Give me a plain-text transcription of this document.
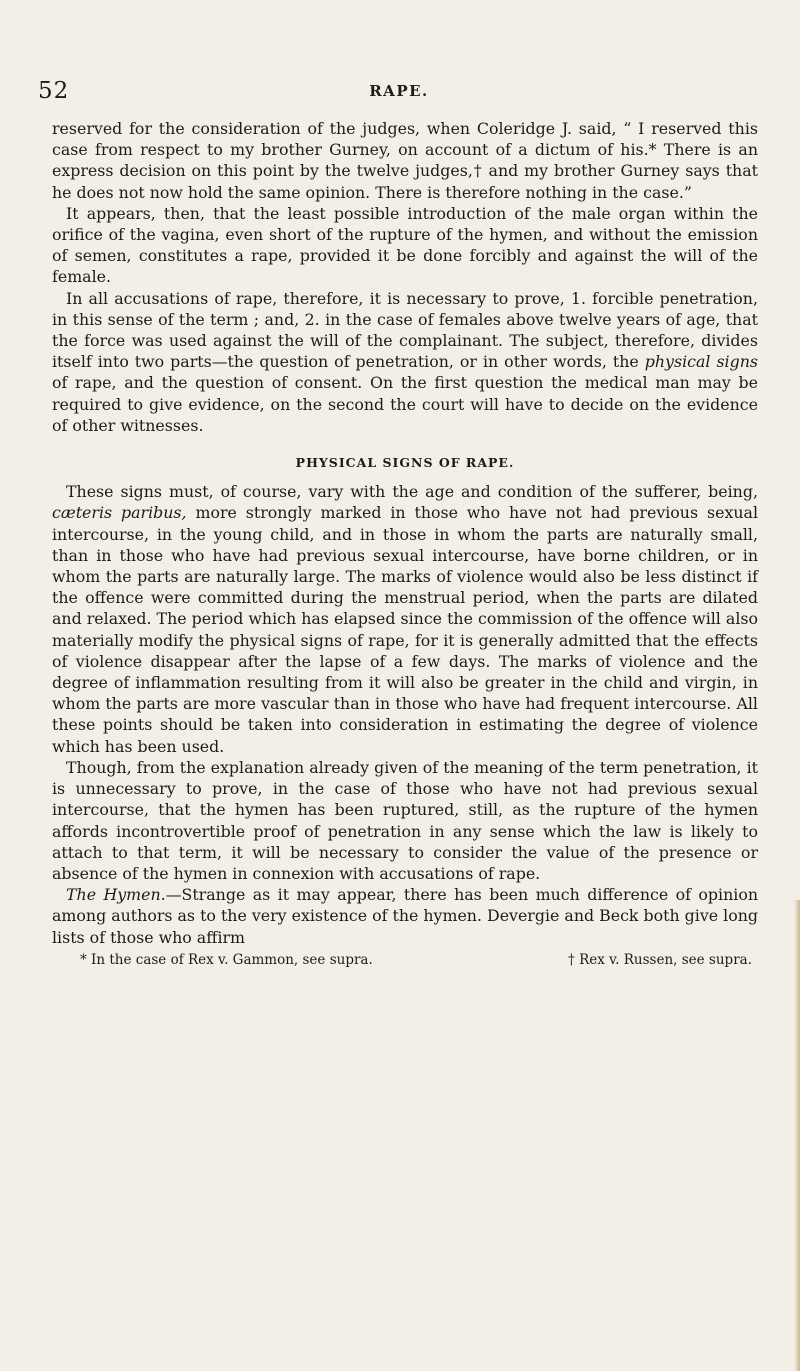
52	RAPE.

reserved for the consideration of the judges, when Coleridge J. said, “ I reserved this case from respect to my brother Gurney, on account of a dictum of his.* There is an express decision on this point by the twelve judges,† and my brother Gurney says that he does not now hold the same opinion. There is therefore nothing in the case.”

It appears, then, that the least possible introduction of the male organ within the orifice of the vagina, even short of the rupture of the hymen, and without the emission of semen, constitutes a rape, provided it be done forcibly and against the will of the female.

In all accusations of rape, therefore, it is necessary to prove, 1. forcible penetration, in this sense of the term ; and, 2. in the case of females above twelve years of age, that the force was used against the will of the complainant. The subject, therefore, divides itself into two parts—the question of penetration, or in other words, the physical signs of rape, and the question of consent. On the first question the medical man may be required to give evidence, on the second the court will have to decide on the evidence of other witnesses.

PHYSICAL SIGNS OF RAPE.

These signs must, of course, vary with the age and condition of the sufferer, being, cæteris paribus, more strongly marked in those who have not had previous sexual intercourse, in the young child, and in those in whom the parts are naturally small, than in those who have had previous sexual intercourse, have borne children, or in whom the parts are naturally large. The marks of violence would also be less distinct if the offence were committed during the menstrual period, when the parts are dilated and relaxed. The period which has elapsed since the commission of the offence will also materially modify the physical signs of rape, for it is generally admitted that the effects of violence disappear after the lapse of a few days. The marks of violence and the degree of inflammation resulting from it will also be greater in the child and virgin, in whom the parts are more vascular than in those who have had frequent intercourse. All these points should be taken into consideration in estimating the degree of violence which has been used.

Though, from the explanation already given of the meaning of the term penetration, it is unnecessary to prove, in the case of those who have not had previous sexual intercourse, that the hymen has been ruptured, still, as the rupture of the hymen affords incontrovertible proof of penetration in any sense which the law is likely to attach to that term, it will be necessary to consider the value of the presence or absence of the hymen in connexion with accusations of rape.

The Hymen.—Strange as it may appear, there has been much difference of opinion among authors as to the very existence of the hymen. Devergie and Beck both give long lists of those who affirm

* In the case of Rex v. Gammon, see supra.	† Rex v. Russen, see supra.
